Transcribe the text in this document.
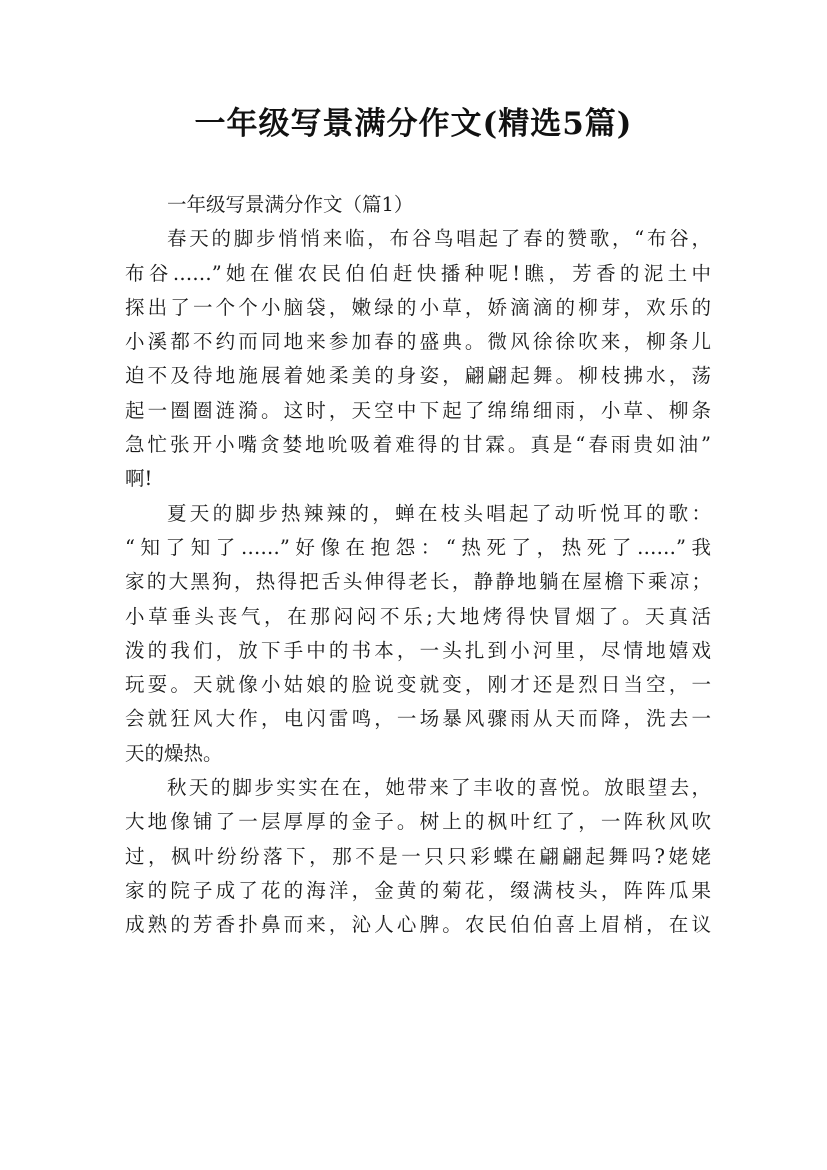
一年级写景满分作文(精选5篇)
一年级写景满分作文（篇1）
春天的脚步悄悄来临，布谷鸟唱起了春的赞歌，“布谷，
布谷……”她在催农民伯伯赶快播种呢!瞧，芳香的泥土中
探出了一个个小脑袋，嫩绿的小草，娇滴滴的柳芽，欢乐的
小溪都不约而同地来参加春的盛典。微风徐徐吹来，柳条儿
迫不及待地施展着她柔美的身姿，翩翩起舞。柳枝拂水，荡
起一圈圈涟漪。这时，天空中下起了绵绵细雨，小草、柳条
急忙张开小嘴贪婪地吮吸着难得的甘霖。真是“春雨贵如油”
啊!
夏天的脚步热辣辣的，蝉在枝头唱起了动听悦耳的歌：
“知了知了……”好像在抱怨：“热死了，热死了……”我
家的大黑狗，热得把舌头伸得老长，静静地躺在屋檐下乘凉；
小草垂头丧气，在那闷闷不乐;大地烤得快冒烟了。天真活
泼的我们，放下手中的书本，一头扎到小河里，尽情地嬉戏
玩耍。天就像小姑娘的脸说变就变，刚才还是烈日当空，一
会就狂风大作，电闪雷鸣，一场暴风骤雨从天而降，洗去一
天的燥热。
秋天的脚步实实在在，她带来了丰收的喜悦。放眼望去，
大地像铺了一层厚厚的金子。树上的枫叶红了，一阵秋风吹
过，枫叶纷纷落下，那不是一只只彩蝶在翩翩起舞吗?姥姥
家的院子成了花的海洋，金黄的菊花，缀满枝头，阵阵瓜果
成熟的芳香扑鼻而来，沁人心脾。农民伯伯喜上眉梢，在议
